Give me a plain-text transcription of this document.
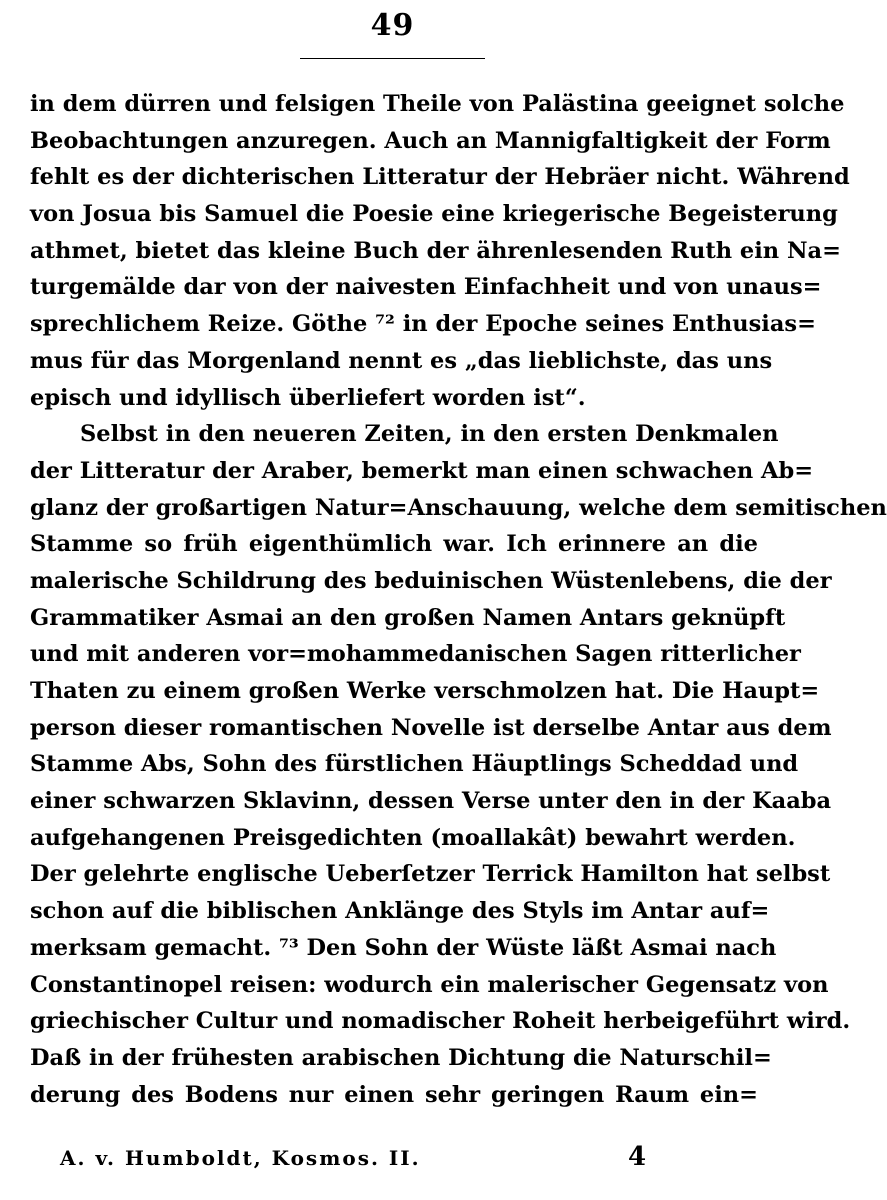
49
in dem dürren und felsigen Theile von Palästina geeignet solche
Beobachtungen anzuregen. Auch an Mannigfaltigkeit der Form
fehlt es der dichterischen Litteratur der Hebräer nicht. Während
von Josua bis Samuel die Poesie eine kriegerische Begeisterung
athmet, bietet das kleine Buch der ährenlesenden Ruth ein Na=
turgemälde dar von der naivesten Einfachheit und von unaus=
sprechlichem Reize. Göthe ⁷² in der Epoche seines Enthusias=
mus für das Morgenland nennt es „das lieblichste, das uns
episch und idyllisch überliefert worden ist“.
Selbst in den neueren Zeiten, in den ersten Denkmalen
der Litteratur der Araber, bemerkt man einen schwachen Ab=
glanz der großartigen Natur=Anschauung, welche dem semitischen
Stamme so früh eigenthümlich war. Ich erinnere an die
malerische Schildrung des beduinischen Wüstenlebens, die der
Grammatiker Asmai an den großen Namen Antars geknüpft
und mit anderen vor=mohammedanischen Sagen ritterlicher
Thaten zu einem großen Werke verschmolzen hat. Die Haupt=
person dieser romantischen Novelle ist derselbe Antar aus dem
Stamme Abs, Sohn des fürstlichen Häuptlings Scheddad und
einer schwarzen Sklavinn, dessen Verse unter den in der Kaaba
aufgehangenen Preisgedichten (moallakât) bewahrt werden.
Der gelehrte englische Ueberſetzer Terrick Hamilton hat selbst
schon auf die biblischen Anklänge des Styls im Antar auf=
merksam gemacht. ⁷³ Den Sohn der Wüste läßt Asmai nach
Constantinopel reisen: wodurch ein malerischer Gegensatz von
griechischer Cultur und nomadischer Roheit herbeigeführt wird.
Daß in der frühesten arabischen Dichtung die Naturschil=
derung des Bodens nur einen sehr geringen Raum ein=
A. v. Humboldt, Kosmos. II.	4
